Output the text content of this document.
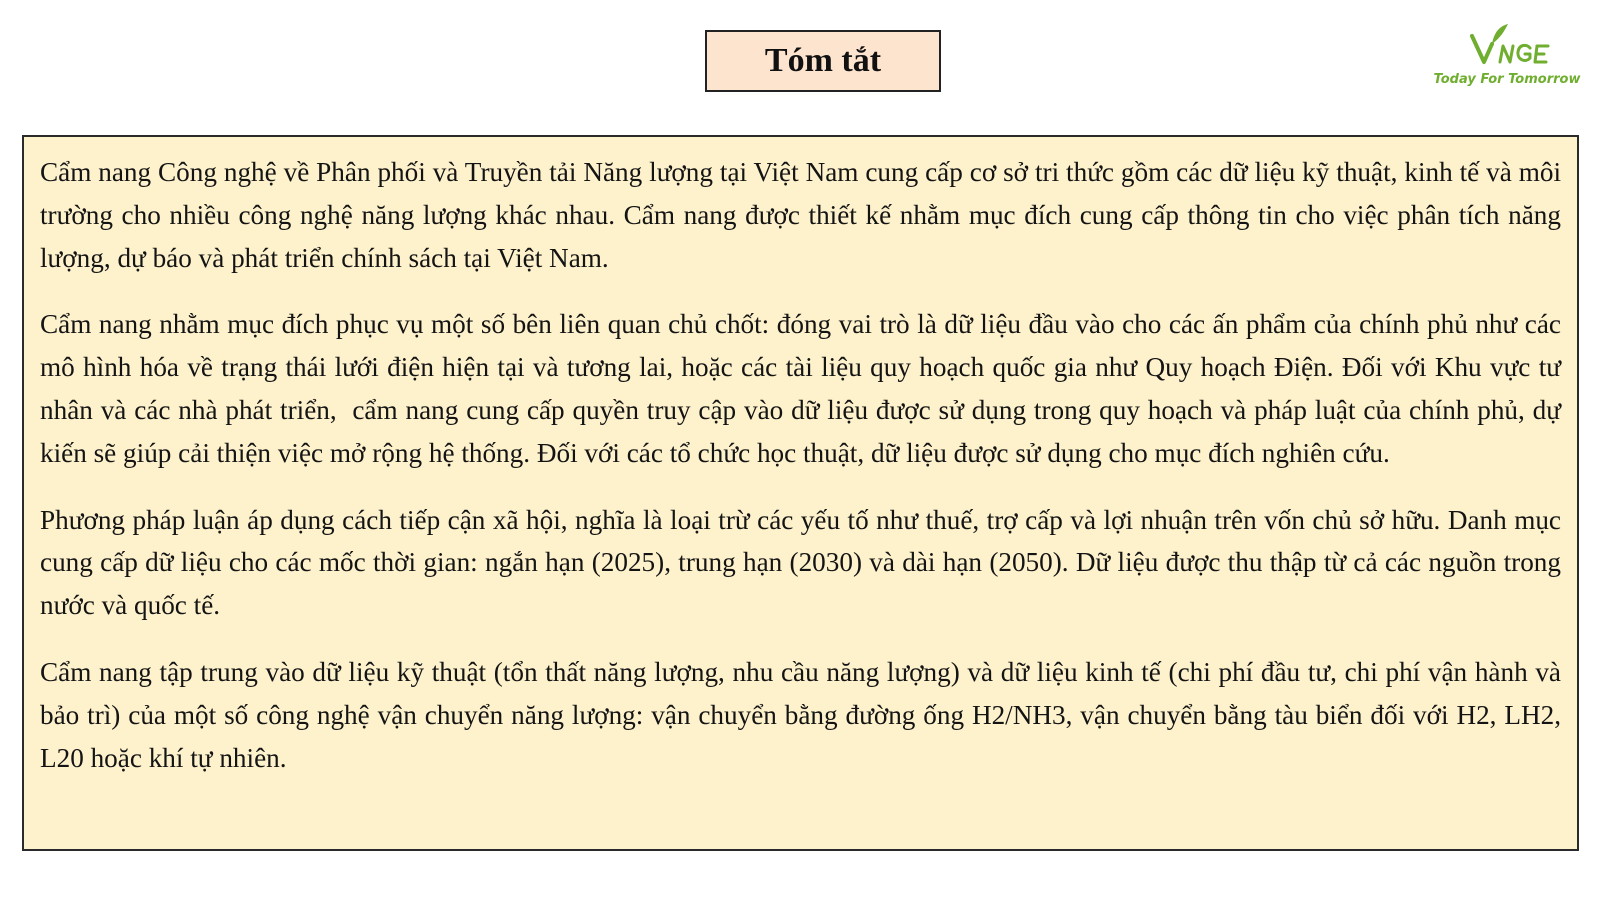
Tóm tắt
Today For Tomorrow

Cẩm nang Công nghệ về Phân phối và Truyền tải Năng lượng tại Việt Nam cung cấp cơ sở tri thức gồm các dữ liệu kỹ thuật, kinh tế và môi trường cho nhiều công nghệ năng lượng khác nhau. Cẩm nang được thiết kế nhằm mục đích cung cấp thông tin cho việc phân tích năng lượng, dự báo và phát triển chính sách tại Việt Nam.

Cẩm nang nhằm mục đích phục vụ một số bên liên quan chủ chốt: đóng vai trò là dữ liệu đầu vào cho các ấn phẩm của chính phủ như các mô hình hóa về trạng thái lưới điện hiện tại và tương lai, hoặc các tài liệu quy hoạch quốc gia như Quy hoạch Điện. Đối với Khu vực tư nhân và các nhà phát triển,  cẩm nang cung cấp quyền truy cập vào dữ liệu được sử dụng trong quy hoạch và pháp luật của chính phủ, dự kiến sẽ giúp cải thiện việc mở rộng hệ thống. Đối với các tổ chức học thuật, dữ liệu được sử dụng cho mục đích nghiên cứu.

Phương pháp luận áp dụng cách tiếp cận xã hội, nghĩa là loại trừ các yếu tố như thuế, trợ cấp và lợi nhuận trên vốn chủ sở hữu. Danh mục cung cấp dữ liệu cho các mốc thời gian: ngắn hạn (2025), trung hạn (2030) và dài hạn (2050). Dữ liệu được thu thập từ cả các nguồn trong nước và quốc tế.

Cẩm nang tập trung vào dữ liệu kỹ thuật (tổn thất năng lượng, nhu cầu năng lượng) và dữ liệu kinh tế (chi phí đầu tư, chi phí vận hành và bảo trì) của một số công nghệ vận chuyển năng lượng: vận chuyển bằng đường ống H2/NH3, vận chuyển bằng tàu biển đối với H2, LH2, L20 hoặc khí tự nhiên.
